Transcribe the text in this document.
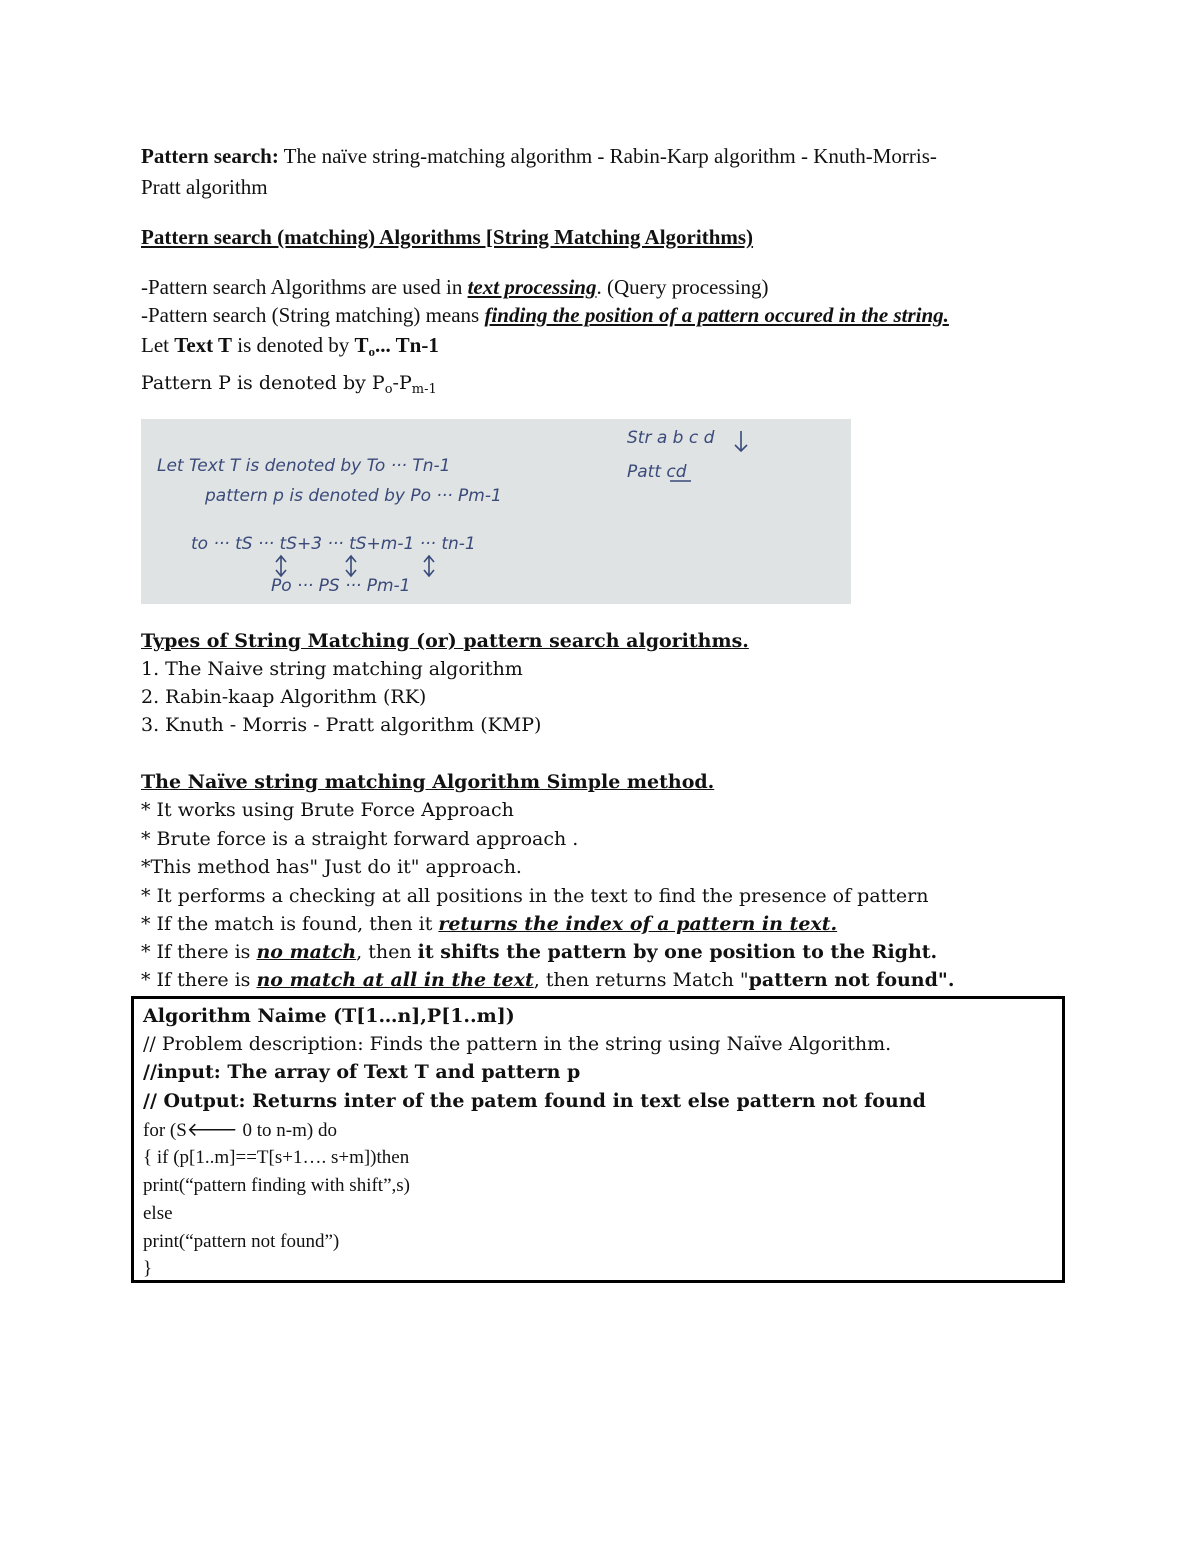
Pattern search: The naïve string-matching algorithm - Rabin-Karp algorithm - Knuth-Morris-
Pratt algorithm
Pattern search (matching) Algorithms [String Matching Algorithms)
-Pattern search Algorithms are used in text processing. (Query processing)
-Pattern search (String matching) means finding the position of a pattern occured in the string.
Let Text T is denoted by $T_o$... Tn-1
Pattern P is denoted by $P_o-P_{m-1}$
Let Text T is denoted by To ··· Tn-1
pattern p is denoted by Po ··· Pm-1
to ··· tS ··· tS+3 ··· tS+m-1 ··· tn-1
Po ··· PS ··· Pm-1
Str a b c d
Patt cd
Types of String Matching (or) pattern search algorithms.
1. The Naive string matching algorithm
2. Rabin-kaap Algorithm (RK)
3. Knuth - Morris - Pratt algorithm (KMP)
The Naïve string matching Algorithm Simple method.
* It works using Brute Force Approach
* Brute force is a straight forward approach .
*This method has" Just do it" approach.
* It performs a checking at all positions in the text to find the presence of pattern
* If the match is found, then it returns the index of a pattern in text.
* If there is no match, then it shifts the pattern by one position to the Right.
* If there is no match at all in the text, then returns Match "pattern not found".
Algorithm Naime (T[1…n],P[1..m])
// Problem description: Finds the pattern in the string using Naïve Algorithm.
//input: The array of Text T and pattern p
// Output: Returns inter of the patem found in text else pattern not found
for (S🡐 0 to n-m) do
{ if (p[1..m]==T[s+1…. s+m])then
print(“pattern finding with shift”,s)
else
print(“pattern not found”)
}
